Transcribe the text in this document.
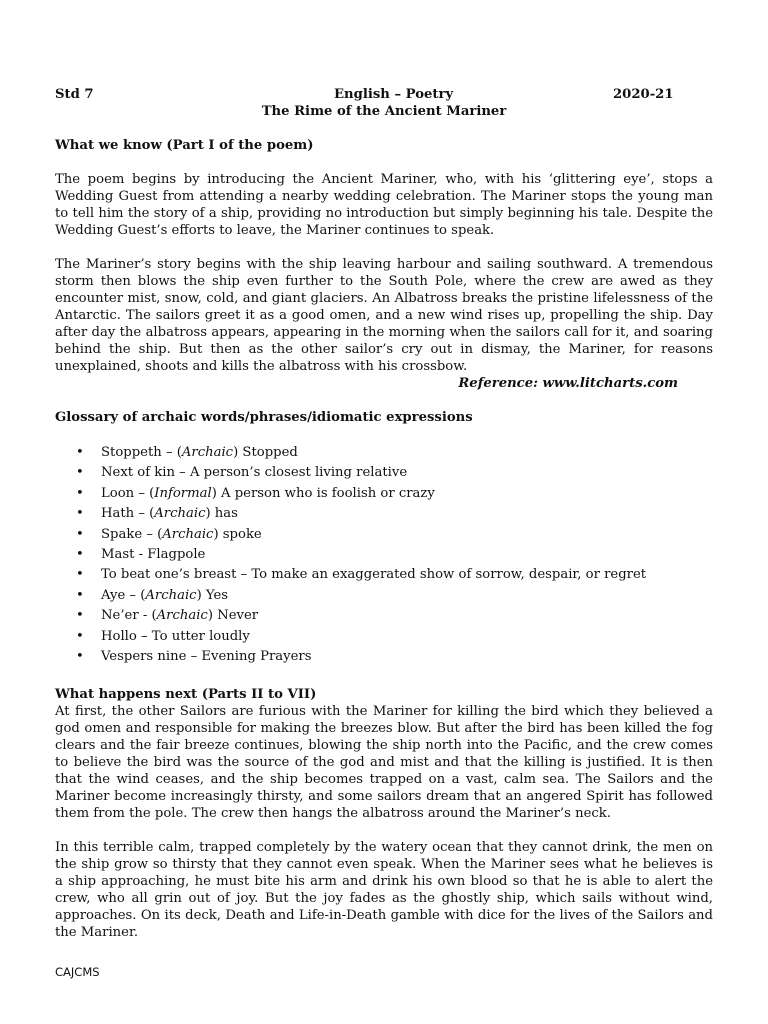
Std 7	English – Poetry	2020-21
The Rime of the Ancient Mariner
What we know (Part I of the poem)

The poem begins by introducing the Ancient Mariner, who, with his ‘glittering eye’, stops a Wedding Guest from attending a nearby wedding celebration. The Mariner stops the young man to tell him the story of a ship, providing no introduction but simply beginning his tale. Despite the Wedding Guest’s efforts to leave, the Mariner continues to speak.

The Mariner’s story begins with the ship leaving harbour and sailing southward. A tremendous storm then blows the ship even further to the South Pole, where the crew are awed as they encounter mist, snow, cold, and giant glaciers. An Albatross breaks the pristine lifelessness of the Antarctic. The sailors greet it as a good omen, and a new wind rises up, propelling the ship. Day after day the albatross appears, appearing in the morning when the sailors call for it, and soaring behind the ship. But then as the other sailor’s cry out in dismay, the Mariner, for reasons unexplained, shoots and kills the albatross with his crossbow.

Reference: www.litcharts.com
Glossary of archaic words/phrases/idiomatic expressions
• Stoppeth – (Archaic) Stopped
• Next of kin – A person’s closest living relative
• Loon – (Informal) A person who is foolish or crazy
• Hath – (Archaic) has
• Spake – (Archaic) spoke
• Mast - Flagpole
• To beat one’s breast – To make an exaggerated show of sorrow, despair, or regret
• Aye – (Archaic) Yes
• Ne’er - (Archaic) Never
• Hollo – To utter loudly
• Vespers nine – Evening Prayers
What happens next (Parts II to VII)

At first, the other Sailors are furious with the Mariner for killing the bird which they believed a god omen and responsible for making the breezes blow. But after the bird has been killed the fog clears and the fair breeze continues, blowing the ship north into the Pacific, and the crew comes to believe the bird was the source of the god and mist and that the killing is justified. It is then that the wind ceases, and the ship becomes trapped on a vast, calm sea. The Sailors and the Mariner become increasingly thirsty, and some sailors dream that an angered Spirit has followed them from the pole. The crew then hangs the albatross around the Mariner’s neck.

In this terrible calm, trapped completely by the watery ocean that they cannot drink, the men on the ship grow so thirsty that they cannot even speak. When the Mariner sees what he believes is a ship approaching, he must bite his arm and drink his own blood so that he is able to alert the crew, who all grin out of joy. But the joy fades as the ghostly ship, which sails without wind, approaches. On its deck, Death and Life-in-Death gamble with dice for the lives of the Sailors and the Mariner.

CAJCMS
